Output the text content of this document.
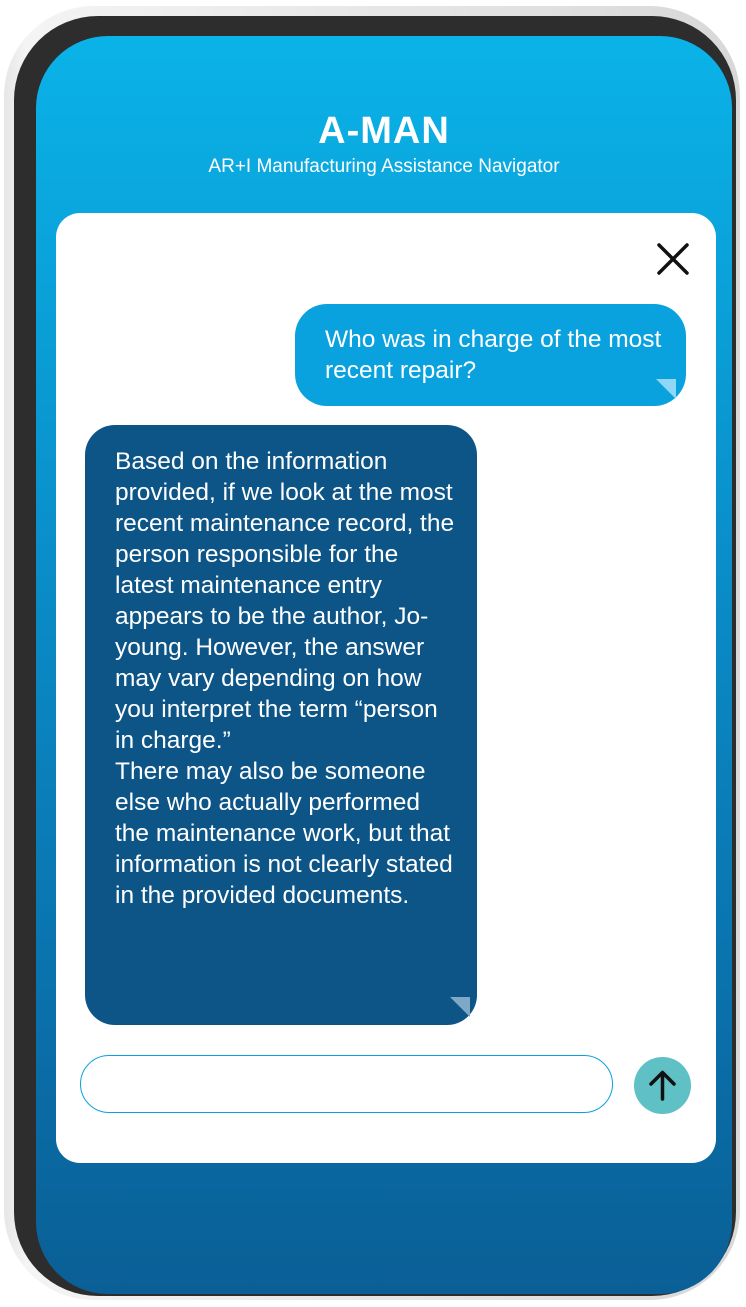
A-MAN
AR+I Manufacturing Assistance Navigator
Who was in charge of the most recent repair?
Based on the information provided, if we look at the most recent maintenance record, the person responsible for the latest maintenance entry appears to be the author, Jo-young. However, the answer may vary depending on how you interpret the term “person in charge.”
There may also be someone else who actually performed the maintenance work, but that information is not clearly stated in the provided documents.
